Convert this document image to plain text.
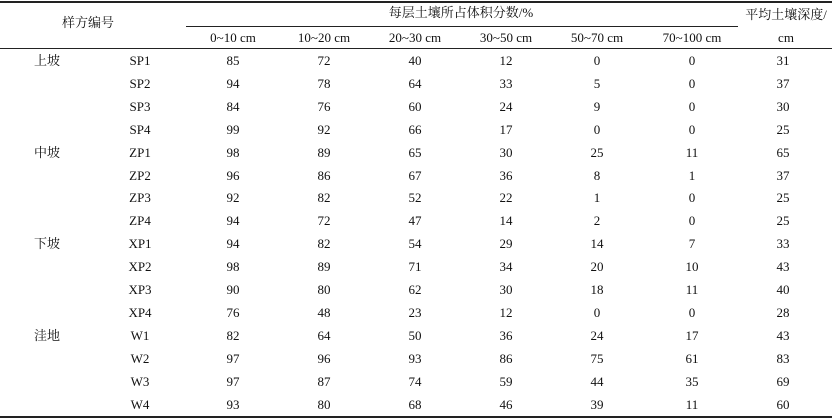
样方编号
每层土壤所占体积分数/%	平均土壤深度/
cm
0~10 cm	10~20 cm	20~30 cm	30~50 cm	50~70 cm	70~100 cm
上坡	SP1	85	72	40	12	0	0	31
SP2	94	78	64	33	5	0	37
SP3	84	76	60	24	9	0	30
SP4	99	92	66	17	0	0	25
中坡	ZP1	98	89	65	30	25	11	65
ZP2	96	86	67	36	8	1	37
ZP3	92	82	52	22	1	0	25
ZP4	94	72	47	14	2	0	25
下坡	XP1	94	82	54	29	14	7	33
XP2	98	89	71	34	20	10	43
XP3	90	80	62	30	18	11	40
XP4	76	48	23	12	0	0	28
洼地	W1	82	64	50	36	24	17	43
W2	97	96	93	86	75	61	83
W3	97	87	74	59	44	35	69
W4	93	80	68	46	39	11	60
